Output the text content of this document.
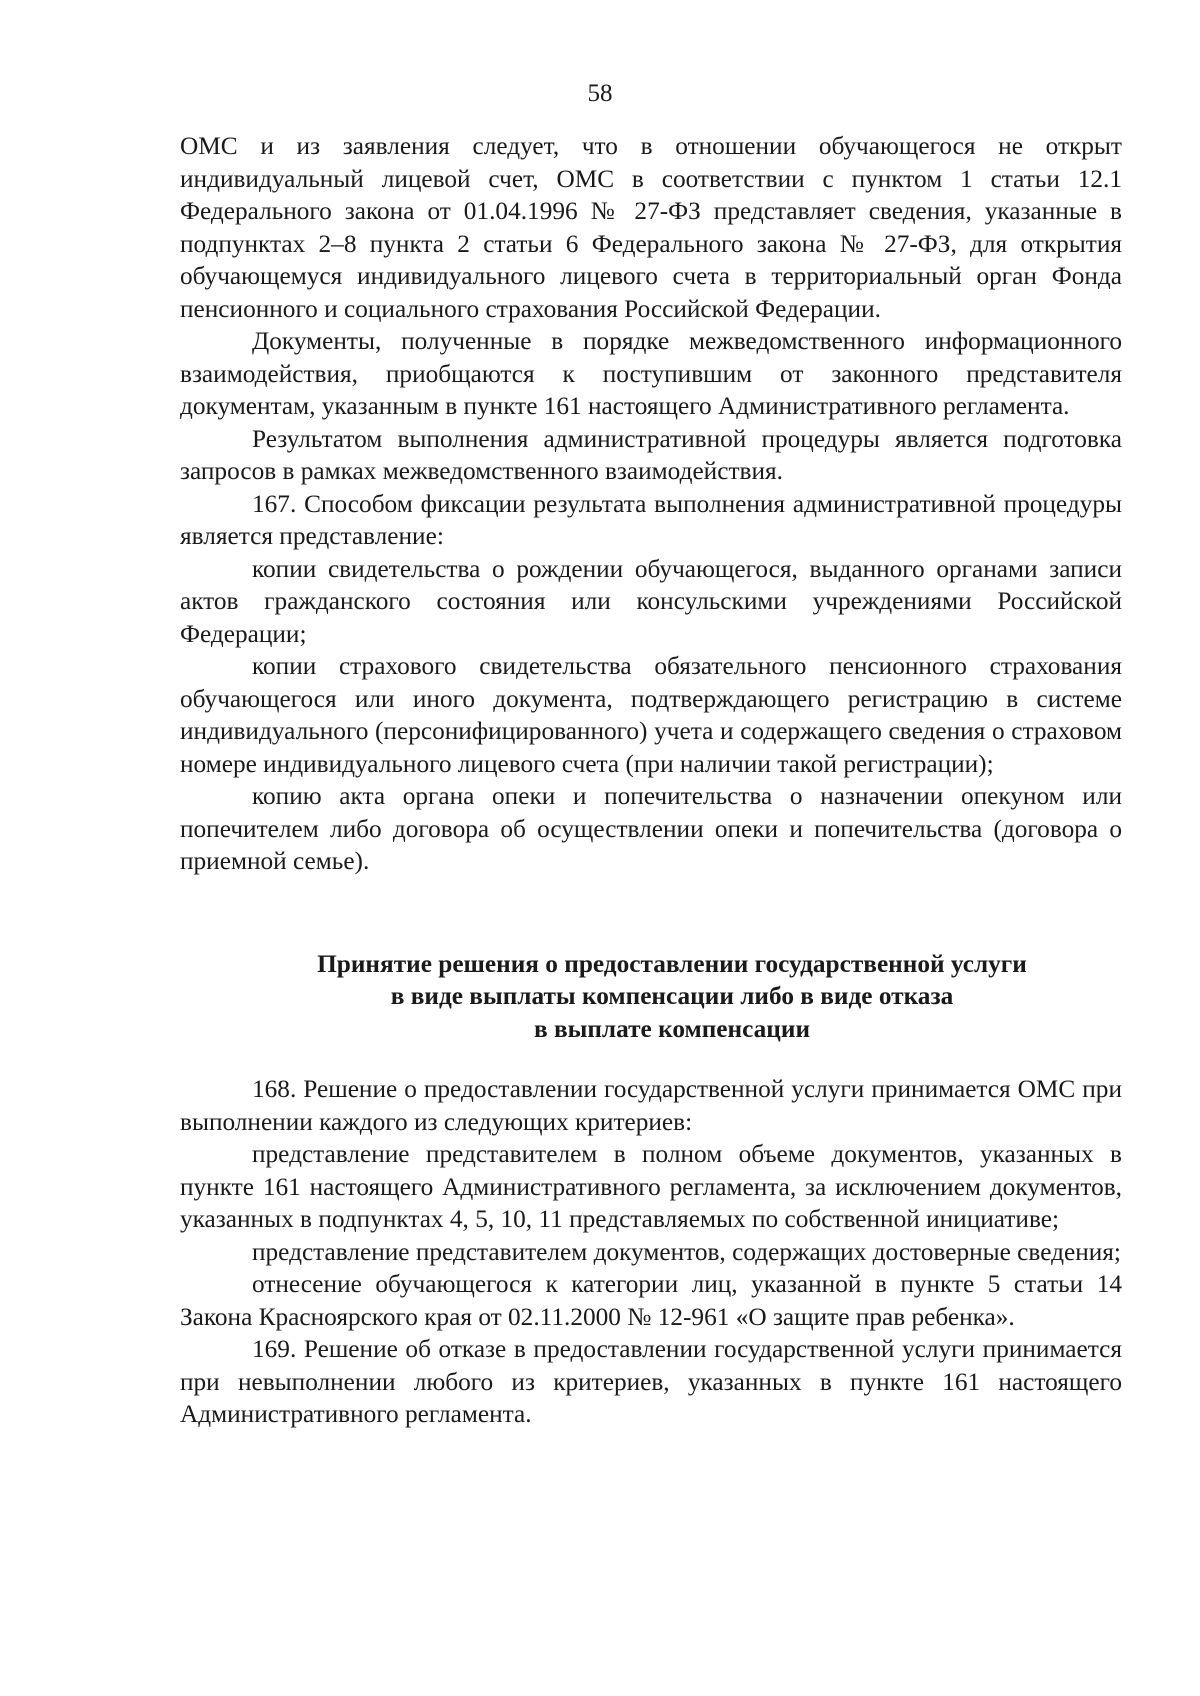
58

ОМС и из заявления следует, что в отношении обучающегося не открыт индивидуальный лицевой счет, ОМС в соответствии с пунктом 1 статьи 12.1 Федерального закона от 01.04.1996 № 27-ФЗ представляет сведения, указанные в подпунктах 2–8 пункта 2 статьи 6 Федерального закона № 27-ФЗ, для открытия обучающемуся индивидуального лицевого счета в территориальный орган Фонда пенсионного и социального страхования Российской Федерации.

Документы, полученные в порядке межведомственного информационного взаимодействия, приобщаются к поступившим от законного представителя документам, указанным в пункте 161 настоящего Административного регламента.

Результатом выполнения административной процедуры является подготовка запросов в рамках межведомственного взаимодействия.

167. Способом фиксации результата выполнения административной процедуры является представление:

копии свидетельства о рождении обучающегося, выданного органами записи актов гражданского состояния или консульскими учреждениями Российской Федерации;

копии страхового свидетельства обязательного пенсионного страхования обучающегося или иного документа, подтверждающего регистрацию в системе индивидуального (персонифицированного) учета и содержащего сведения о страховом номере индивидуального лицевого счета (при наличии такой регистрации);

копию акта органа опеки и попечительства о назначении опекуном или попечителем либо договора об осуществлении опеки и попечительства (договора о приемной семье).

Принятие решения о предоставлении государственной услуги
в виде выплаты компенсации либо в виде отказа
в выплате компенсации

168. Решение о предоставлении государственной услуги принимается ОМС при выполнении каждого из следующих критериев:

представление представителем в полном объеме документов, указанных в пункте 161 настоящего Административного регламента, за исключением документов, указанных в подпунктах 4, 5, 10, 11 представляемых по собственной инициативе;

представление представителем документов, содержащих достоверные сведения;

отнесение обучающегося к категории лиц, указанной в пункте 5 статьи 14 Закона Красноярского края от 02.11.2000 № 12-961 «О защите прав ребенка».

169. Решение об отказе в предоставлении государственной услуги принимается при невыполнении любого из критериев, указанных в пункте 161 настоящего Административного регламента.
